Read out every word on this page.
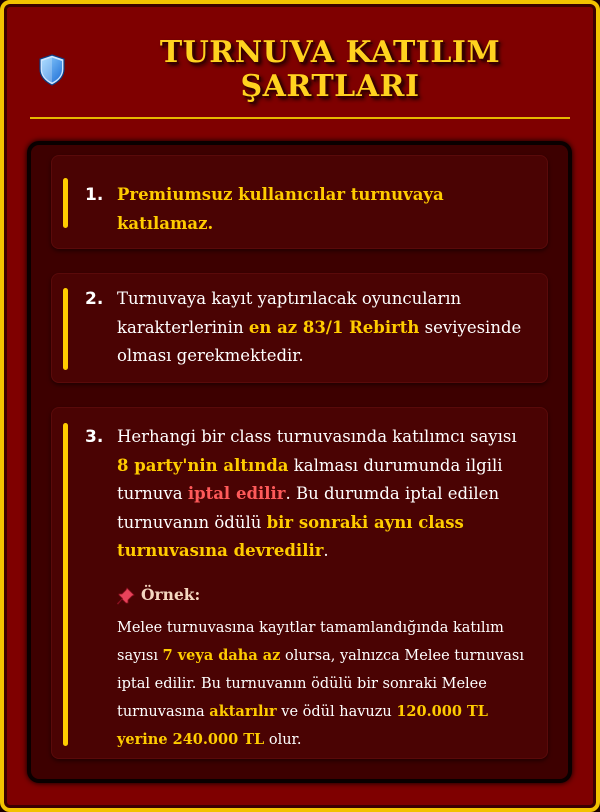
TURNUVA KATILIM
ŞARTLARI
1. Premiumsuz kullanıcılar turnuvaya
katılamaz.
2. Turnuvaya kayıt yaptırılacak oyuncuların
karakterlerinin en az 83/1 Rebirth seviyesinde
olması gerekmektedir.
3. Herhangi bir class turnuvasında katılımcı sayısı
8 party'nin altında kalması durumunda ilgili
turnuva iptal edilir. Bu durumda iptal edilen
turnuvanın ödülü bir sonraki aynı class
turnuvasına devredilir.
Örnek:
Melee turnuvasına kayıtlar tamamlandığında katılım
sayısı 7 veya daha az olursa, yalnızca Melee turnuvası
iptal edilir. Bu turnuvanın ödülü bir sonraki Melee
turnuvasına aktarılır ve ödül havuzu 120.000 TL
yerine 240.000 TL olur.
